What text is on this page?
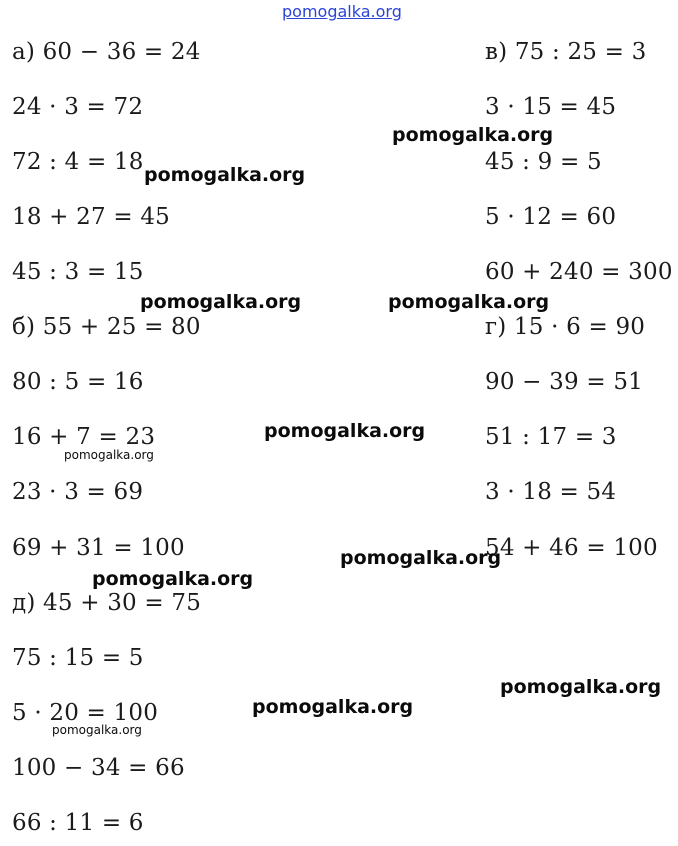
pomogalka.org
а) 60 − 36 = 24
24 · 3 = 72
72 : 4 = 18
18 + 27 = 45
45 : 3 = 15
б) 55 + 25 = 80
80 : 5 = 16
16 + 7 = 23
23 · 3 = 69
69 + 31 = 100
д) 45 + 30 = 75
75 : 15 = 5
5 · 20 = 100
100 − 34 = 66
66 : 11 = 6
в) 75 : 25 = 3
3 · 15 = 45
45 : 9 = 5
5 · 12 = 60
60 + 240 = 300
г) 15 · 6 = 90
90 − 39 = 51
51 : 17 = 3
3 · 18 = 54
54 + 46 = 100
pomogalka.org
pomogalka.org
pomogalka.org	pomogalka.org
pomogalka.org
pomogalka.org
pomogalka.org
pomogalka.org
pomogalka.org
pomogalka.org
pomogalka.org
